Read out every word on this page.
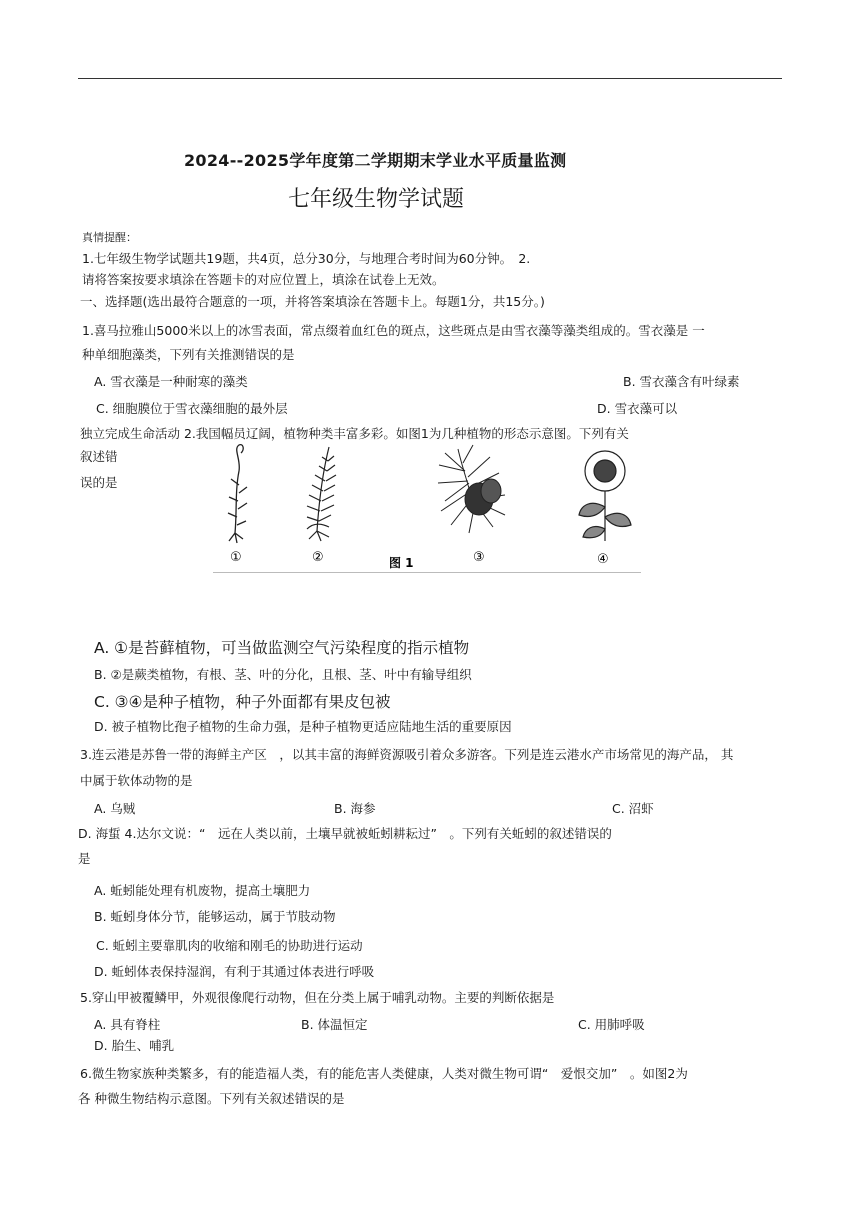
2024--2025学年度第二学期期末学业水平质量监测
七年级生物学试题
真情提醒：
1.七年级生物学试题共19题，共4页，总分30分，与地理合考时间为60分钟。　2.
请将答案按要求填涂在答题卡的对应位置上，填涂在试卷上无效。
一、选择题(选出最符合题意的一项，并将答案填涂在答题卡上。每题1分，共15分。)
1.喜马拉雅山5000米以上的冰雪表面，常点缀着血红色的斑点，这些斑点是由雪衣藻等藻类组成的。雪衣藻是 一
种单细胞藻类，下列有关推测错误的是
A. 雪衣藻是一种耐寒的藻类	B. 雪衣藻含有叶绿素
C. 细胞膜位于雪衣藻细胞的最外层	D. 雪衣藻可以
独立完成生命活动 2.我国幅员辽阔，植物种类丰富多彩。如图1为几种植物的形态示意图。下列有关
叙述错
误的是
①	②	③	④
图 1
A. ①是苔藓植物，可当做监测空气污染程度的指示植物
B. ②是蕨类植物，有根、茎、叶的分化，且根、茎、叶中有输导组织
C. ③④是种子植物，种子外面都有果皮包被
D. 被子植物比孢子植物的生命力强，是种子植物更适应陆地生活的重要原因
3.连云港是苏鲁一带的海鲜主产区　，以其丰富的海鲜资源吸引着众多游客。下列是连云港水产市场常见的海产品， 其
中属于软体动物的是
A. 乌贼	B. 海参	C. 沼虾
D. 海蜇 4.达尔文说：“　远在人类以前，土壤早就被蚯蚓耕耘过”　。下列有关蚯蚓的叙述错误的
是
A. 蚯蚓能处理有机废物，提高土壤肥力
B. 蚯蚓身体分节，能够运动，属于节肢动物
C. 蚯蚓主要靠肌肉的收缩和刚毛的协助进行运动
D. 蚯蚓体表保持湿润，有利于其通过体表进行呼吸
5.穿山甲被覆鳞甲，外观很像爬行动物，但在分类上属于哺乳动物。主要的判断依据是
A. 具有脊柱	B. 体温恒定	C. 用肺呼吸
D. 胎生、哺乳
6.微生物家族种类繁多，有的能造福人类，有的能危害人类健康，人类对微生物可谓“　爱恨交加”　。如图2为
各 种微生物结构示意图。下列有关叙述错误的是
